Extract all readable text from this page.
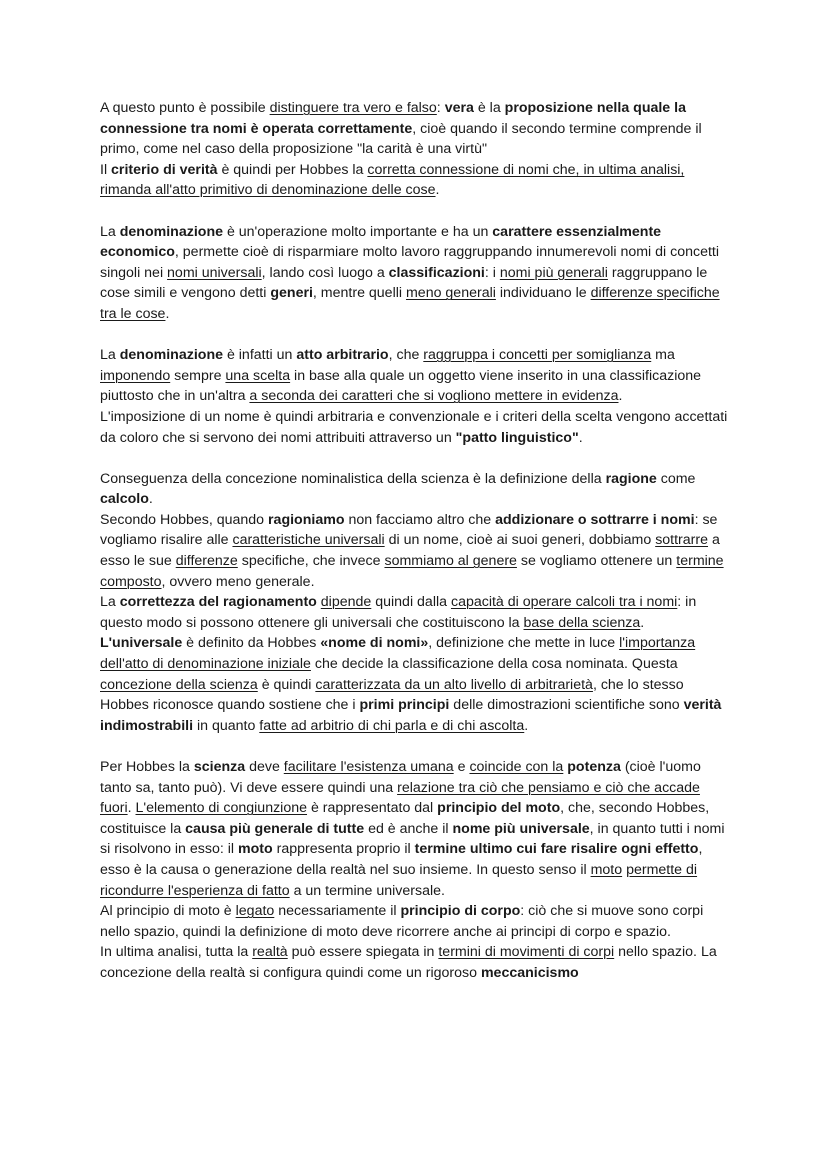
A questo punto è possibile distinguere tra vero e falso: vera è la proposizione nella quale la connessione tra nomi è operata correttamente, cioè quando il secondo termine comprende il primo, come nel caso della proposizione "la carità è una virtù"
Il criterio di verità è quindi per Hobbes la corretta connessione di nomi che, in ultima analisi, rimanda all'atto primitivo di denominazione delle cose.

La denominazione è un'operazione molto importante e ha un carattere essenzialmente economico, permette cioè di risparmiare molto lavoro raggruppando innumerevoli nomi di concetti singoli nei nomi universali, lando così luogo a classificazioni: i nomi più generali raggruppano le cose simili e vengono detti generi, mentre quelli meno generali individuano le differenze specifiche tra le cose.

La denominazione è infatti un atto arbitrario, che raggruppa i concetti per somiglianza ma imponendo sempre una scelta in base alla quale un oggetto viene inserito in una classificazione piuttosto che in un'altra a seconda dei caratteri che si vogliono mettere in evidenza.
L'imposizione di un nome è quindi arbitraria e convenzionale e i criteri della scelta vengono accettati da coloro che si servono dei nomi attribuiti attraverso un "patto linguistico".

Conseguenza della concezione nominalistica della scienza è la definizione della ragione come calcolo.
Secondo Hobbes, quando ragioniamo non facciamo altro che addizionare o sottrarre i nomi: se vogliamo risalire alle caratteristiche universali di un nome, cioè ai suoi generi, dobbiamo sottrarre a esso le sue differenze specifiche, che invece sommiamo al genere se vogliamo ottenere un termine composto, ovvero meno generale.
La correttezza del ragionamento dipende quindi dalla capacità di operare calcoli tra i nomi: in questo modo si possono ottenere gli universali che costituiscono la base della scienza.
L'universale è definito da Hobbes «nome di nomi», definizione che mette in luce l'importanza dell'atto di denominazione iniziale che decide la classificazione della cosa nominata. Questa concezione della scienza è quindi caratterizzata da un alto livello di arbitrarietà, che lo stesso Hobbes riconosce quando sostiene che i primi principi delle dimostrazioni scientifiche sono verità indimostrabili in quanto fatte ad arbitrio di chi parla e di chi ascolta.

Per Hobbes la scienza deve facilitare l'esistenza umana e coincide con la potenza (cioè l'uomo tanto sa, tanto può). Vi deve essere quindi una relazione tra ciò che pensiamo e ciò che accade fuori. L'elemento di congiunzione è rappresentato dal principio del moto, che, secondo Hobbes, costituisce la causa più generale di tutte ed è anche il nome più universale, in quanto tutti i nomi si risolvono in esso: il moto rappresenta proprio il termine ultimo cui fare risalire ogni effetto, esso è la causa o generazione della realtà nel suo insieme. In questo senso il moto permette di ricondurre l'esperienza di fatto a un termine universale.
Al principio di moto è legato necessariamente il principio di corpo: ciò che si muove sono corpi nello spazio, quindi la definizione di moto deve ricorrere anche ai principi di corpo e spazio.
In ultima analisi, tutta la realtà può essere spiegata in termini di movimenti di corpi nello spazio. La concezione della realtà si configura quindi come un rigoroso meccanicismo
